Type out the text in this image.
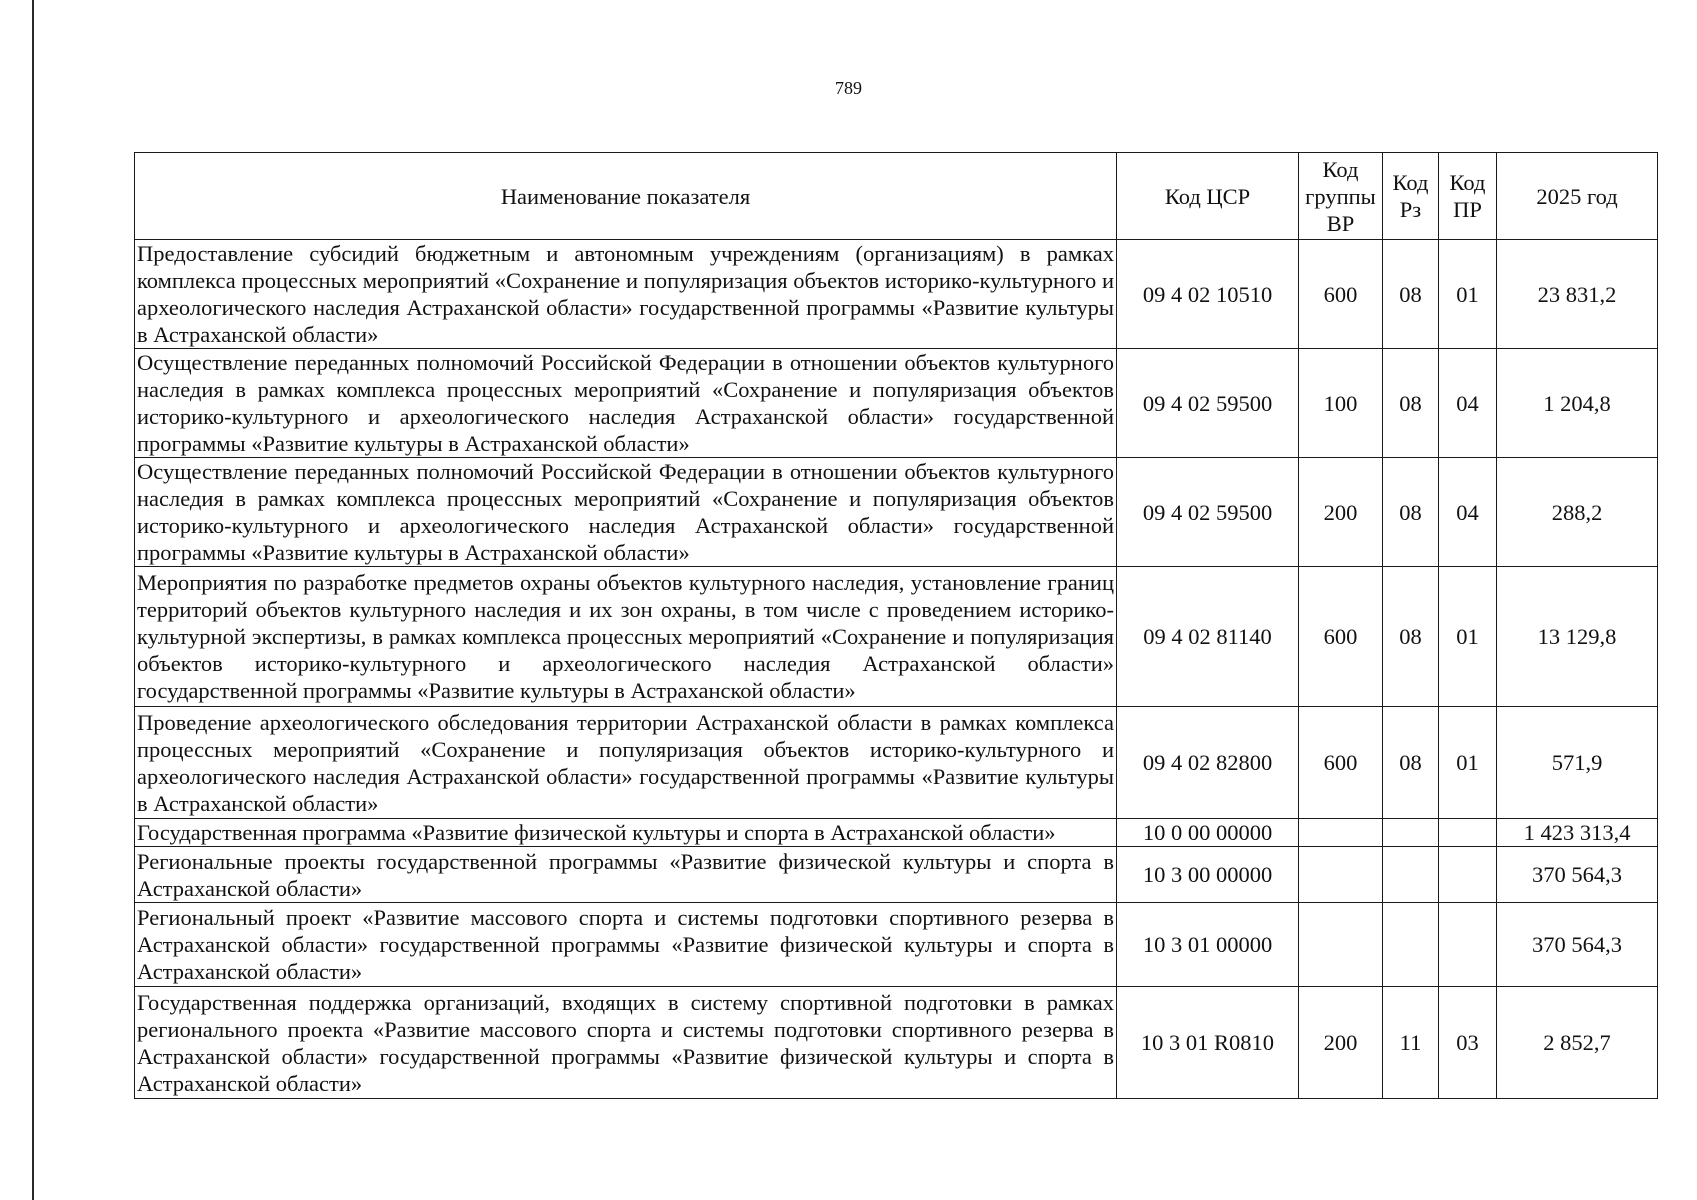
789
Наименование показателя	Код ЦСР	Код группы ВР	Код Рз	Код ПР	2025 год
Предоставление субсидий бюджетным и автономным учреждениям (организациям) в рамках комплекса процессных мероприятий «Сохранение и популяризация объектов историко-культурного и археологического наследия Астраханской области» государственной программы «Развитие культуры в Астраханской области»	09 4 02 10510	600	08	01	23 831,2
Осуществление переданных полномочий Российской Федерации в отношении объектов культурного наследия в рамках комплекса процессных мероприятий «Сохранение и популяризация объектов историко-культурного и археологического наследия Астраханской области» государственной программы «Развитие культуры в Астраханской области»	09 4 02 59500	100	08	04	1 204,8
Осуществление переданных полномочий Российской Федерации в отношении объектов культурного наследия в рамках комплекса процессных мероприятий «Сохранение и популяризация объектов историко-культурного и археологического наследия Астраханской области» государственной программы «Развитие культуры в Астраханской области»	09 4 02 59500	200	08	04	288,2
Мероприятия по разработке предметов охраны объектов культурного наследия, установление границ территорий объектов культурного наследия и их зон охраны, в том числе с проведением историко-культурной экспертизы, в рамках комплекса процессных мероприятий «Сохранение и популяризация объектов историко-культурного и археологического наследия Астраханской области» государственной программы «Развитие культуры в Астраханской области»	09 4 02 81140	600	08	01	13 129,8
Проведение археологического обследования территории Астраханской области в рамках комплекса процессных мероприятий «Сохранение и популяризация объектов историко-культурного и археологического наследия Астраханской области» государственной программы «Развитие культуры в Астраханской области»	09 4 02 82800	600	08	01	571,9
Государственная программа «Развитие физической культуры и спорта в Астраханской области»	10 0 00 00000				1 423 313,4
Региональные проекты государственной программы «Развитие физической культуры и спорта в Астраханской области»	10 3 00 00000				370 564,3
Региональный проект «Развитие массового спорта и системы подготовки спортивного резерва в Астраханской области» государственной программы «Развитие физической культуры и спорта в Астраханской области»	10 3 01 00000				370 564,3
Государственная поддержка организаций, входящих в систему спортивной подготовки в рамках регионального проекта «Развитие массового спорта и системы подготовки спортивного резерва в Астраханской области» государственной программы «Развитие физической культуры и спорта в Астраханской области»	10 3 01 R0810	200	11	03	2 852,7
